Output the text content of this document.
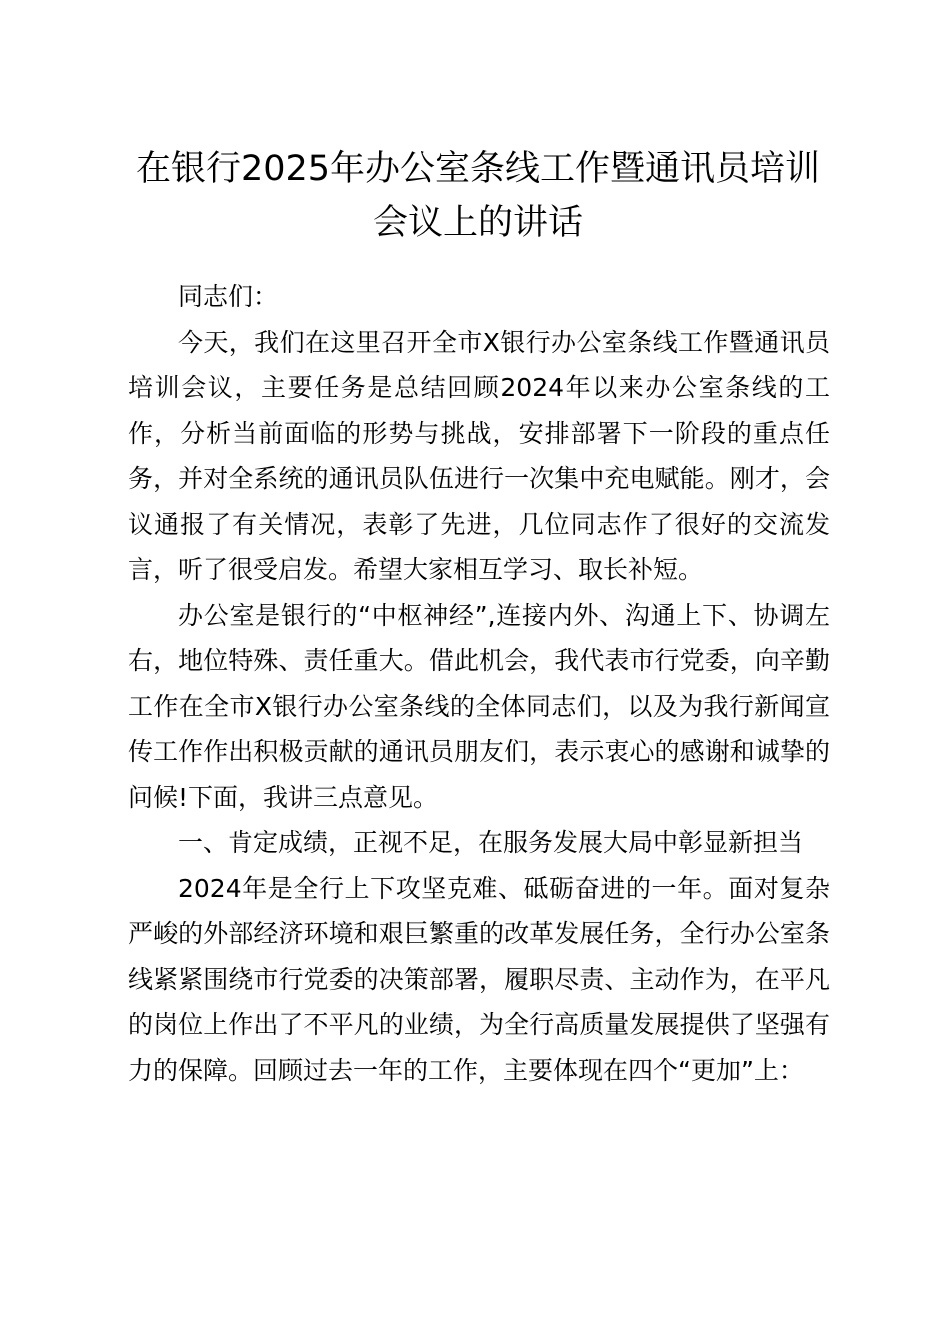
在银行2025年办公室条线工作暨通讯员培训
会议上的讲话

同志们：

今天，我们在这里召开全市X银行办公室条线工作暨通讯员培训会议，主要任务是总结回顾2024年以来办公室条线的工作，分析当前面临的形势与挑战，安排部署下一阶段的重点任务，并对全系统的通讯员队伍进行一次集中充电赋能。刚才，会议通报了有关情况，表彰了先进，几位同志作了很好的交流发言，听了很受启发。希望大家相互学习、取长补短。

办公室是银行的“中枢神经”,连接内外、沟通上下、协调左右，地位特殊、责任重大。借此机会，我代表市行党委，向辛勤工作在全市X银行办公室条线的全体同志们，以及为我行新闻宣传工作作出积极贡献的通讯员朋友们，表示衷心的感谢和诚挚的问候!下面，我讲三点意见。

一、肯定成绩，正视不足，在服务发展大局中彰显新担当

2024年是全行上下攻坚克难、砥砺奋进的一年。面对复杂严峻的外部经济环境和艰巨繁重的改革发展任务，全行办公室条线紧紧围绕市行党委的决策部署，履职尽责、主动作为，在平凡的岗位上作出了不平凡的业绩，为全行高质量发展提供了坚强有力的保障。回顾过去一年的工作，主要体现在四个“更加”上：
